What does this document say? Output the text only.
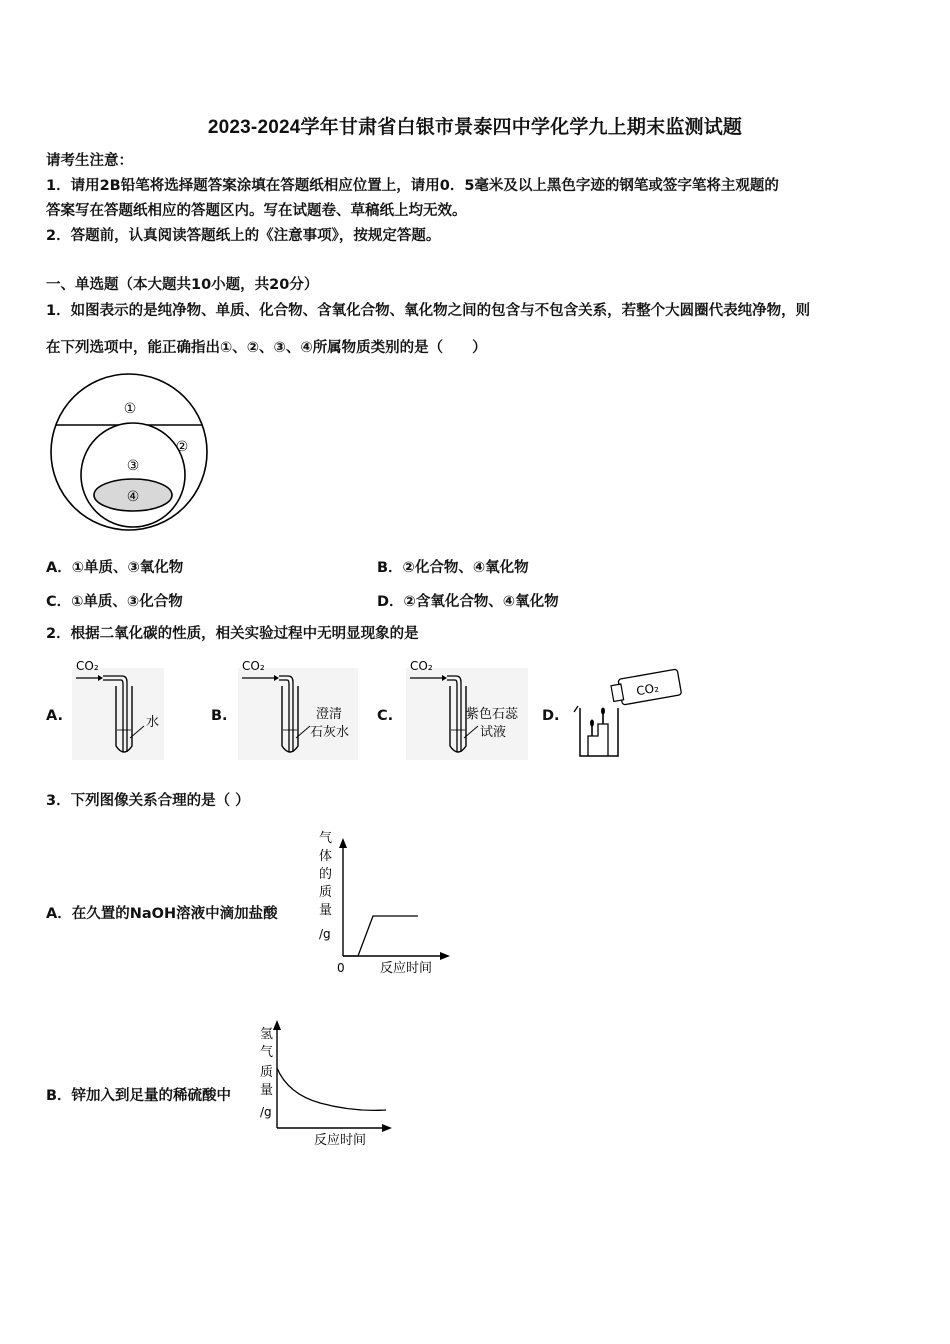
2023-2024学年甘肃省白银市景泰四中学化学九上期末监测试题
请考生注意：
1．请用2B铅笔将选择题答案涂填在答题纸相应位置上，请用0．5毫米及以上黑色字迹的钢笔或签字笔将主观题的
答案写在答题纸相应的答题区内。写在试题卷、草稿纸上均无效。
2．答题前，认真阅读答题纸上的《注意事项》，按规定答题。
一、单选题（本大题共10小题，共20分）
1．如图表示的是纯净物、单质、化合物、含氧化合物、氧化物之间的包含与不包含关系，若整个大圆圈代表纯净物，则
在下列选项中，能正确指出①、②、③、④所属物质类别的是（　　）
①
②
③
④
A．①单质、③氧化物	B．②化合物、④氧化物
C．①单质、③化合物	D．②含氧化合物、④氧化物
2．根据二氧化碳的性质，相关实验过程中无明显现象的是
A.
CO₂
水	B.
CO₂
澄清
石灰水
C.
CO₂
紫色石蕊
试液
D.
CO₂
3．下列图像关系合理的是（ ）
A．在久置的NaOH溶液中滴加盐酸
气
体
的
质
量
/g
0	反应时间
B．锌加入到足量的稀硫酸中
氢
气
质
量
/g
反应时间
